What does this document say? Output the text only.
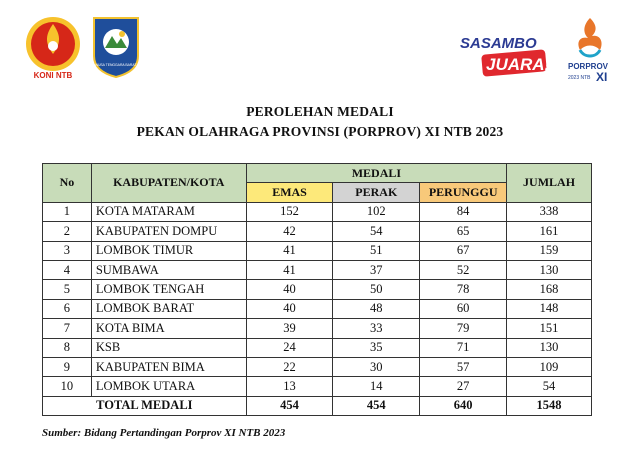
KONI NTB
NUSA TENGGARA BARAT
SASAMBO
JUARA! PORPROV
2023 NTB XI
PEROLEHAN MEDALI
PEKAN OLAHRAGA PROVINSI (PORPROV) XI NTB 2023
No	KABUPATEN/KOTA	MEDALI			JUMLAH
		EMAS	PERAK	PERUNGGU	
1	KOTA MATARAM	152	102	84	338
2	KABUPATEN DOMPU	42	54	65	161
3	LOMBOK TIMUR	41	51	67	159
4	SUMBAWA	41	37	52	130
5	LOMBOK TENGAH	40	50	78	168
6	LOMBOK BARAT	40	48	60	148
7	KOTA BIMA	39	33	79	151
8	KSB	24	35	71	130
9	KABUPATEN BIMA	22	30	57	109
10	LOMBOK UTARA	13	14	27	54
TOTAL MEDALI		454	454	640	1548
Sumber: Bidang Pertandingan Porprov XI NTB 2023
